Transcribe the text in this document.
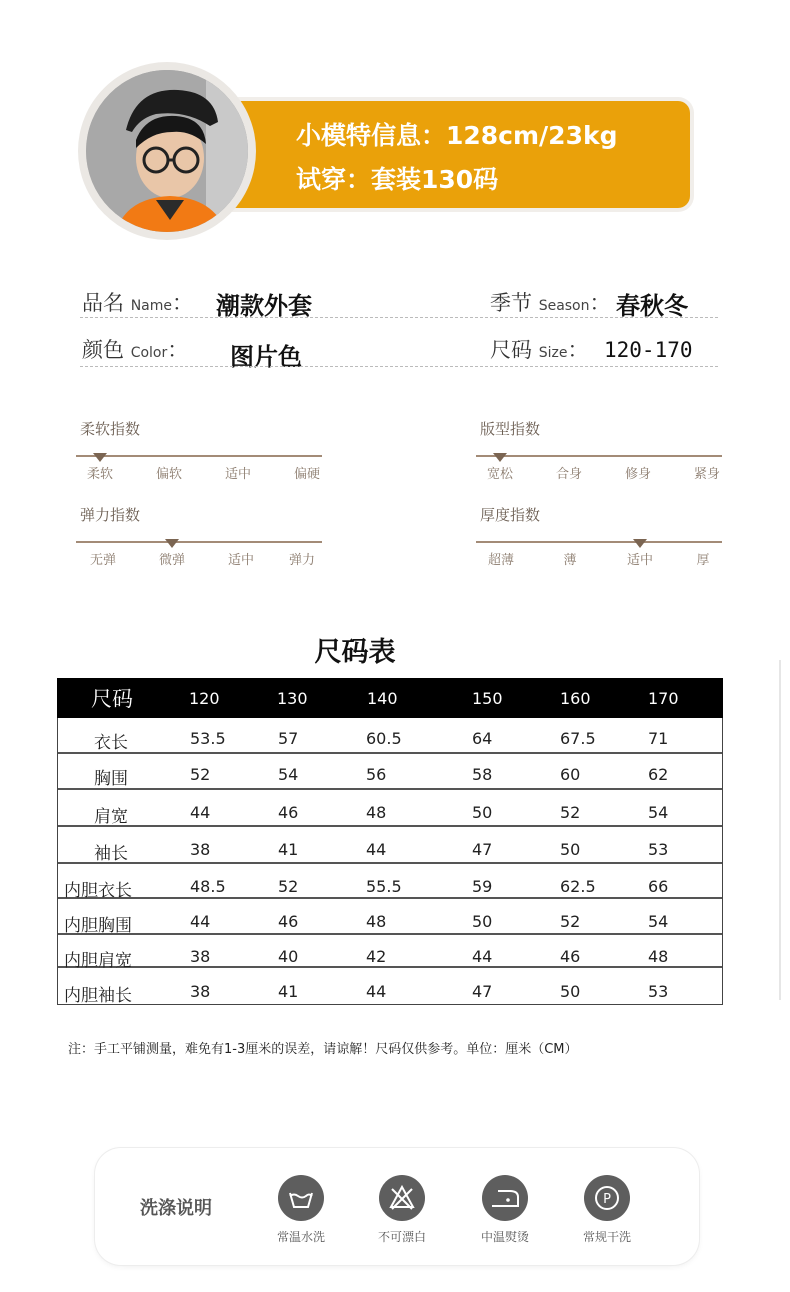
小模特信息：128cm/23kg
试穿：套装130码
品名 Name： 潮款外套	季节 Season： 春秋冬
颜色 Color： 图片色	尺码 Size： 120-170
柔软指数
柔软	偏软	适中	偏硬
版型指数
宽松	合身	修身	紧身
弹力指数
无弹	微弹	适中	弹力
厚度指数
超薄	薄	适中	厚
尺码表
尺码	120	130	140	150	160	170
衣长	53.5	57	60.5	64	67.5	71
胸围	52	54	56	58	60	62
肩宽	44	46	48	50	52	54
袖长	38	41	44	47	50	53
内胆衣长	48.5	52	55.5	59	62.5	66
内胆胸围	44	46	48	50	52	54
内胆肩宽	38	40	42	44	46	48
内胆袖长	38	41	44	47	50	53
注：手工平铺测量，难免有1-3厘米的误差，请谅解！尺码仅供参考。单位：厘米（CM）
洗涤说明
常温水洗	不可漂白	中温熨烫
P
常规干洗
